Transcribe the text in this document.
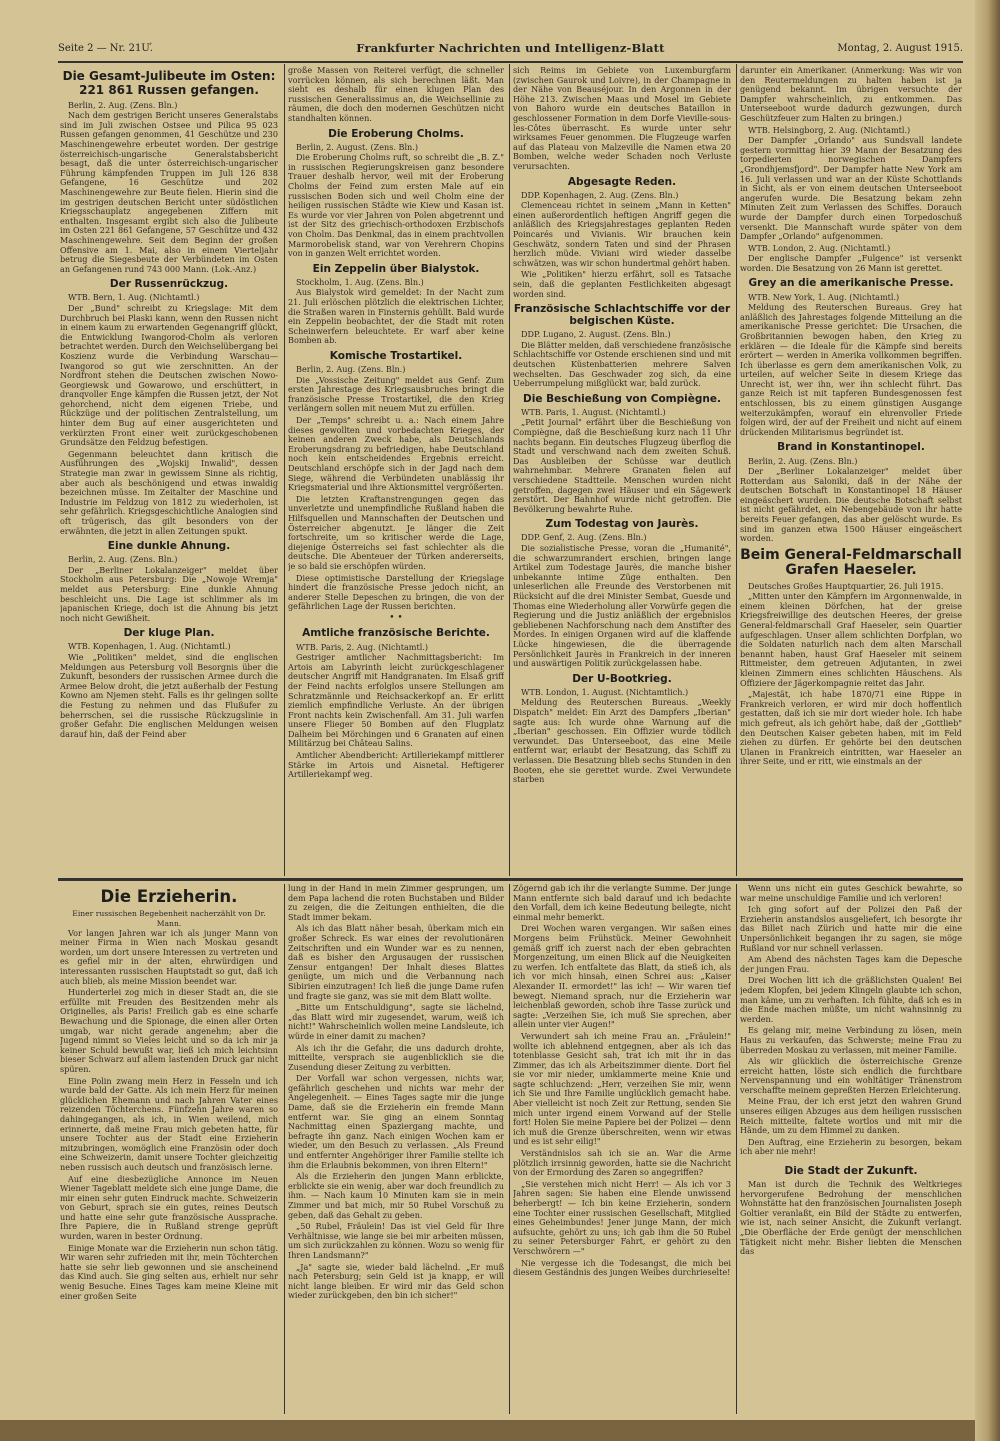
Seite 2 — Nr. 21Ư.	Frankfurter Nachrichten und Intelligenz-Blatt	Montag, 2. August 1915.
Die Gesamt-Julibeute im Osten: 221 861 Russen gefangen.
Berlin, 2. Aug. (Zens. Bln.)

Nach dem gestrigen Bericht unseres Generalstabs sind im Juli zwischen Ostsee und Pilica 95 023 Russen gefangen genommen, 41 Geschütze und 230 Maschinengewehre erbeutet worden. Der gestrige österreichisch-ungarische Generalstabsbericht besagt, daß die unter österreichisch-ungarischer Führung kämpfenden Truppen im Juli 126 838 Gefangene, 16 Geschütze und 202 Maschinengewehre zur Beute fielen. Hierin sind die im gestrigen deutschen Bericht unter südöstlichen Kriegsschauplatz angegebenen Ziffern mit enthalten. Insgesamt ergibt sich also die Julibeute im Osten 221 861 Gefangene, 57 Geschütze und 432 Maschinengewehre. Seit dem Beginn der großen Offensive am 1. Mai, also in einem Vierteljahr betrug die Siegesbeute der Verbündeten im Osten an Gefangenen rund 743 000 Mann. (Lok.-Anz.)

Der Russenrückzug.
WTB. Bern, 1. Aug. (Nichtamtl.)

Der „Bund" schreibt zu Kriegslage: Mit dem Durchbruch bei Plaski kann, wenn den Russen nicht in einem kaum zu erwartenden Gegenangriff glückt, die Entwicklung Iwangorod-Cholm als verloren betrachtet werden. Durch den Weichselübergang bei Koszienz wurde die Verbindung Warschau—Iwangorod so gut wie zerschnitten. An der Nordfront stehen die Deutschen zwischen Nowo-Georgiewsk und Gowarowo, und erschüttert, in dranqvoller Enge kämpfen die Russen jetzt, der Not gehorchend, nicht dem eigenen Triebe, und Rückzüge und der politischen Zentralstellung, um hinter dem Bug auf einer ausgerichteten und verkürzten Front einer weit zurückgeschobenen Grundsätze den Feldzug befestigen.

Gegenmann beleuchtet dann kritisch die Ausführungen des „Wojskij Inwalid", dessen Strategie man zwar in gewissem Sinne als richtig, aber auch als beschönigend und etwas inwaldig bezeichnen müsse. Im Zeitalter der Maschine und Industrie im Feldzug von 1812 zu wiederholen, ist sehr gefährlich. Kriegsgeschichtliche Analogien sind oft trügerisch, das gilt besonders von der erwähnten, die jetzt in allen Zeitungen spukt.

Eine dunkle Ahnung.
Berlin, 2. Aug. (Zens. Bln.)

Der „Berliner Lokalanzeiger" meldet über Stockholm aus Petersburg: Die „Nowoje Wremja" meldet aus Petersburg: Eine dunkle Ahnung beschleicht uns. Die Lage ist schlimmer als im japanischen Kriege, doch ist die Ahnung bis jetzt noch nicht Gewißheit.

Der kluge Plan.
WTB. Kopenhagen, 1. Aug. (Nichtamtl.)

Wie „Politiken" meldet, sind die englischen Meldungen aus Petersburg voll Besorgnis über die Zukunft, besonders der russischen Armee durch die Armee Below droht, die jetzt außerhalb der Festung Kowno am Njemen steht. Falls es ihr gelingen sollte die Festung zu nehmen und das Flußufer zu beherrschen, sei die russische Rückzugslinie in großer Gefahr. Die englischen Meldungen weisen darauf hin, daß der Feind aber

große Massen von Reiterei verfügt, die schneller vorrücken können, als sich berechnen läßt. Man sieht es deshalb für einen klugen Plan des russischen Generalissimus an, die Weichsellinie zu räumen, die doch den modernen Geschützen nicht standhalten können.

Die Eroberung Cholms.
Berlin, 2. August. (Zens. Bln.)

Die Eroberung Cholms ruft, so schreibt die „B. Z." in russischen Regierungskreisen ganz besondere Trauer deshalb hervor, weil mit der Eroberung Cholms der Feind zum ersten Male auf ein russischen Boden sich und weil Cholm eine der heiligen russischen Städte wie Kiew und Kasan ist. Es wurde vor vier Jahren von Polen abgetrennt und ist der Sitz des griechisch-orthodoxen Erzbischofs von Cholm. Das Denkmal, das in einem prachtvollen Marmorobelisk stand, war von Verehrern Chopins von in ganzen Welt errichtet worden.

Ein Zeppelin über Bialystok.
Stockholm, 1. Aug. (Zens. Bln.)

Aus Bialystok wird gemeldet: In der Nacht zum 21. Juli erlöschen plötzlich die elektrischen Lichter, die Straßen waren in Finsternis gehüllt. Bald wurde ein Zeppelin beobachtet, der die Stadt mit roten Scheinwerfern beleuchtete. Er warf aber keine Bomben ab.

Komische Trostartikel.
Berlin, 2. Aug. (Zens. Bln.)

Die „Vossische Zeitung" meldet aus Genf: Zum ersten Jahrestage des Kriegsausbruches bringt die französische Presse Trostartikel, die den Krieg verlängern sollen mit neuem Mut zu erfüllen.

Der „Temps" schreibt u. a.: Nach einem Jahre dieses gewollten und vorbedachten Krieges, der keinen anderen Zweck habe, als Deutschlands Eroberungsdrang zu befriedigen, habe Deutschland noch kein entscheidendes Ergebnis erreicht. Deutschland erschöpfe sich in der Jagd nach dem Siege, während die Verbündeten unablässig ihr Kriegsmaterial und ihre Aktionsmittel vergrößerten.

Die letzten Kraftanstrengungen gegen das unverletzte und unempfindliche Rußland haben die Hilfsquellen und Mannschaften der Deutschen und Österreicher abgenutzt. Je länger die Zeit fortschreite, um so kritischer werde die Lage, diejenige Österreichs sei fast schlechter als die deutsche. Die Abenteuer der Türken andererseits, je so bald sie erschöpfen würden.

Diese optimistische Darstellung der Kriegslage hindert die französische Presse jedoch nicht, an anderer Stelle Depeschen zu bringen, die von der gefährlichen Lage der Russen berichten.

• •
Amtliche französische Berichte.
WTB. Paris, 2. Aug. (Nichtamtl.)

Gestriger amtlicher Nachmittagsbericht: Im Artois am Labyrinth leicht zurückgeschlagener deutscher Angriff mit Handgranaten. Im Elsaß griff der Feind nachts erfolglos unsere Stellungen am Schratzmännle und Reichsackerkopf an. Er erlitt ziemlich empfindliche Verluste. An der übrigen Front nachts kein Zwischenfall. Am 31. Juli warfen unsere Flieger 50 Bomben auf den Flugplatz Dalheim bei Mörchingen und 6 Granaten auf einen Militärzug bei Château Salins.

Amtlicher Abendbericht: Artilleriekampf mittlerer Stärke im Artois und Aisnetal. Heftigerer Artilleriekampf weg.

sich Reims im Gebiete von Luxemburgfarm (zwischen Gaurok und Loivre), in der Champagne in der Nähe von Beauséjour. In den Argonnen in der Höhe 213. Zwischen Maas und Mosel im Gebiete von Bahoro wurde ein deutsches Bataillon in geschlossener Formation in dem Dorfe Vieville-sous-les-Côtes überrascht. Es wurde unter sehr wirksames Feuer genommen. Die Flugzeuge warfen auf das Plateau von Malzeville die Namen etwa 20 Bomben, welche weder Schaden noch Verluste verursachten.

Abgesagte Reden.
DDP. Kopenhagen, 2. Aug. (Zens. Bln.)

Clemenceau richtet in seinem „Mann in Ketten" einen außerordentlich heftigen Angriff gegen die anläßlich des Kriegsjahrestages geplanten Reden Poincarés und Vivianis. Wir brauchen kein Geschwätz, sondern Taten und sind der Phrasen herzlich müde. Viviani wird wieder dasselbe schwätzen, was wir schon hundertmal gehört haben.

Wie „Politiken" hierzu erfährt, soll es Tatsache sein, daß die geplanten Festlichkeiten abgesagt worden sind.

Französische Schlachtschiffe vor der belgischen Küste.
DDP. Lugano, 2. August. (Zens. Bln.)

Die Blätter melden, daß verschiedene französische Schlachtschiffe vor Ostende erschienen sind und mit deutschen Küstenbatterien mehrere Salven wechselten. Das Geschwader zog sich, da eine Ueberrumpelung mißglückt war, bald zurück.

Die Beschießung von Compiègne.
WTB. Paris, 1. August. (Nichtamtl.)

„Petit Journal" erfährt über die Beschießung von Compiègne, daß die Beschießung kurz nach 11 Uhr nachts begann. Ein deutsches Flugzeug überflog die Stadt und verschwand nach dem zweiten Schuß. Das Ausbleiben der Schüsse war deutlich wahrnehmbar. Mehrere Granaten fielen auf verschiedene Stadtteile. Menschen wurden nicht getroffen, dagegen zwei Häuser und ein Sägewerk zerstört. Der Bahnhof wurde nicht getroffen. Die Bevölkerung bewahrte Ruhe.

Zum Todestag von Jaurès.
DDP. Genf, 2. Aug. (Zens. Bln.)

Die sozialistische Presse, voran die „Humanité", die schwarzumrandert erschien, bringen lange Artikel zum Todestage Jaurès, die manche bisher unbekannte intime Züge enthalten. Den unleserlichen alle Freunde des Verstorbenen mit Rücksicht auf die drei Minister Sembat, Guesde und Thomas eine Wiederholung aller Vorwürfe gegen die Regierung und die Justiz anläßlich der ergebnislos gebliebenen Nachforschung nach dem Anstifter des Mordes. In einigen Organen wird auf die klaffende Lücke hingewiesen, die die überragende Persönlichkeit Jaurès in Frankreich in der inneren und auswärtigen Politik zurückgelassen habe.

Der U-Bootkrieg.
WTB. London, 1. August. (Nichtamtlich.)

Meldung des Reuterschen Bureaus. „Weekly Dispatch" meldet: Ein Arzt des Dampfers „Iberian" sagte aus: Ich wurde ohne Warnung auf die „Iberian" geschossen. Ein Offizier wurde tödlich verwundet. Das Unterseeboot, das eine Meile entfernt war, erlaubt der Besatzung, das Schiff zu verlassen. Die Besatzung blieb sechs Stunden in den Booten, ehe sie gerettet wurde. Zwei Verwundete starben

darunter ein Amerikaner. (Anmerkung: Was wir von den Reutermeldungen zu halten haben ist ja genügend bekannt. Im übrigen versuchte der Dampfer wahrscheinlich, zu entkommen. Das Unterseeboot wurde dadurch gezwungen, durch Geschützfeuer zum Halten zu bringen.)

WTB. Helsingborg, 2. Aug. (Nichtamtl.)

Der Dampfer „Orlando" aus Sundsvall landete gestern vormittag hier 39 Mann der Besatzung des torpedierten norwegischen Dampfers „Grondhjemsfjord". Der Dampfer hatte New York am 16. Juli verlassen und war an der Küste Schottlands in Sicht, als er von einem deutschen Unterseeboot angerufen wurde. Die Besatzung bekam zehn Minuten Zeit zum Verlassen des Schiffes. Dorauch wurde der Dampfer durch einen Torpedoschuß versenkt. Die Mannschaft wurde später von dem Dampfer „Orlando" aufgenommen.

WTB. London, 2. Aug. (Nichtamtl.)

Der englische Dampfer „Fulgence" ist versenkt worden. Die Besatzung von 26 Mann ist gerettet.

Grey an die amerikanische Presse.
WTB. New York, 1. Aug. (Nichtamtl.)

Meldung des Reuterschen Bureaus. Grey hat anläßlich des Jahrestages folgende Mitteilung an die amerikanische Presse gerichtet: Die Ursachen, die Großbritannien bewogen haben, den Krieg zu erklären — die Ideale für die Kämpfe sind bereits erörtert — werden in Amerika vollkommen begriffen. Ich überlasse es gern dem amerikanischen Volk, zu urteilen, auf welcher Seite in diesem Kriege das Unrecht ist, wer ihn, wer ihn schlecht führt. Das ganze Reich ist mit tapferen Bundesgenossen fest entschlossen, bis zu einem günstigen Ausgange weiterzukämpfen, worauf ein ehrenvoller Friede folgen wird, der auf der Freiheit und nicht auf einem drückenden Militarismus begründet ist.

Brand in Konstantinopel.
Berlin, 2. Aug. (Zens. Bln.)

Der „Berliner Lokalanzeiger" meldet über Rotterdam aus Saloniki, daß in der Nähe der deutschen Botschaft in Konstantinopel 18 Häuser eingeäschert wurden. Die deutsche Botschaft selbst ist nicht gefährdet, ein Nebengebäude von ihr hatte bereits Feuer gefangen, das aber gelöscht wurde. Es sind im ganzen etwa 1500 Häuser eingeäschert worden.

Beim General-Feldmarschall Grafen Haeseler.
Deutsches Großes Hauptquartier, 26. Juli 1915.

„Mitten unter den Kämpfern im Argonnenwalde, in einem kleinen Dörfchen, hat der greise Kriegsfreiwillige des deutschen Heeres, der greise General-feldmarschall Graf Haeseler, sein Quartier aufgeschlagen. Unser allem schlichten Dorfplan, wo die Soldaten naturlich nach dem alten Marschall benannt haben, haust Graf Haeseler mit seinem Rittmeister, dem getreuen Adjutanten, in zwei kleinen Zimmern eines schlichten Häuschens. Als Offiziere der Jägerkompagnie reitet das Jahr.

„Majestät, ich habe 1870/71 eine Rippe in Frankreich verloren, er wird mir doch hoffentlich gestatten, daß ich sie mir dort wieder hole. Ich habe mich gefreut, als ich gehört habe, daß der „Gottlieb" den Deutschen Kaiser gebeten haben, mit im Feld ziehen zu dürfen. Er gehörte bei den deutschen Ulanen in Frankreich eintritten, war Haeseler an ihrer Seite, und er ritt, wie einstmals an der

Die Erzieherin.
Einer russischen Begebenheit nacherzählt von Dr. Mann.

Vor langen Jahren war ich als junger Mann von meiner Firma in Wien nach Moskau gesandt worden, um dort unsere Interessen zu vertreten und es gefiel mir in der alten, ehrwürdigen und interessanten russischen Hauptstadt so gut, daß ich auch blieb, als meine Mission beendet war.

Hunderterlei zog mich in dieser Stadt an, die sie erfüllte mit Freuden des Besitzenden mehr als Originelles, als Paris! Freilich gab es eine scharfe Bewachung und die Spionage, die einen aller Orten umgab, war nicht gerade angenehm; aber die Jugend nimmt so Vieles leicht und so da ich mir ja keiner Schuld bewußt war, ließ ich mich leichtsinn bieser Schwarz auf allem lastenden Druck gar nicht spüren.

Eine Polin zwang mein Herz in Fesseln und ich wurde bald der Gatte. Als ich mein Herz für meinen glücklichen Ehemann und nach Jahren Vater eines reizenden Töchterchens. Fünfzehn Jahre waren so dahingegangen, als ich, in Wien weilend, mich erinnerte, daß meine Frau mich gebeten hatte, für unsere Tochter aus der Stadt eine Erzieherin mitzubringen, womöglich eine Französin oder doch eine Schweizerin, damit unsere Tochter gleichzeitig neben russisch auch deutsch und französisch lerne.

Auf eine diesbezügliche Annonce im Neuen Wiener Tageblatt meldete sich eine junge Dame, die mir einen sehr guten Eindruck machte. Schweizerin von Geburt, sprach sie ein gutes, reines Deutsch und hatte eine sehr gute französische Aussprache. Ihre Papiere, die in Rußland strenge geprüft wurden, waren in bester Ordnung.

Einige Monate war die Erzieherin nun schon tätig. Wir waren sehr zufrieden mit ihr, mein Töchterchen hatte sie sehr lieb gewonnen und sie anscheinend das Kind auch. Sie ging selten aus, erhielt nur sehr wenig Besuche. Eines Tages kam meine Kleine mit einer großen Seite

lung in der Hand in mein Zimmer gesprungen, um dem Papa lachend die roten Buchstaben und Bilder zu zeigen, die die Zeitungen enthielten, die die Stadt immer bekam.

Als ich das Blatt näher besah, überkam mich ein großer Schreck. Es war eines der revolutionären Zeitschriften und ein Wunder war es zu nennen, daß es bisher den Argusaugen der russischen Zensur entgangen! Der Inhalt dieses Blattes genügte, um mich und die Verbannung nach Sibirien einzutragen! Ich ließ die junge Dame rufen und fragte sie ganz, was sie mit dem Blatt wollte.

„Bitte um Entschuldigung", sagte sie lächelnd, „das Blatt wird mir zugesendet, warum, weiß ich nicht!" Wahrscheinlich wollen meine Landsleute, ich würde in einer damit zu machen?

Als ich ihr die Gefahr, die uns dadurch drohte, mitteilte, versprach sie augenblicklich sie die Zusendung dieser Zeitung zu verbitten.

Der Vorfall war schon vergessen, nichts war, gefährlich geschehen und nichts war mehr der Angelegenheit. — Eines Tages sagte mir die junge Dame, daß sie die Erzieherin ein fremde Mann entfernt war. Sie ging an einem Sonntag Nachmittag einen Spaziergang machte, und befragte ihn ganz. Nach einigen Wochen kam er wieder, um den Besuch zu verlassen. „Als Freund und entfernter Angehöriger ihrer Familie stellte ich ihm die Erlaubnis bekommen, von ihren Eltern!"

Als die Erzieherin den jungen Mann erblickte, erblickte sie ein wenig, aber war doch freundlich zu ihm. — Nach kaum 10 Minuten kam sie in mein Zimmer und bat mich, mir 50 Rubel Vorschuß zu geben, daß das Gehalt zu geben.

„50 Rubel, Fräulein! Das ist viel Geld für Ihre Verhältnisse, wie lange sie bei mir arbeiten müssen, um sich zurückzahlen zu können. Wozu so wenig für Ihren Landsmann?"

„Ja" sagte sie, wieder bald lächelnd. „Er muß nach Petersburg; sein Geld ist ja knapp, er will nicht lange bleiben. Er wird mir das Geld schon wieder zurückgeben, den bin ich sicher!"

Zögernd gab ich ihr die verlangte Summe. Der junge Mann entfernte sich bald darauf und ich bedachte den Vorfall, dem ich keine Bedeutung beilegte, nicht einmal mehr bemerkt.

Drei Wochen waren vergangen. Wir saßen eines Morgens beim Frühstück. Meiner Gewohnheit gemäß griff ich zuerst nach der eben gebrachten Morgenzeitung, um einen Blick auf die Neuigkeiten zu werfen. Ich entfaltete das Blatt, da stieß ich, als ich vor mich hinsah, einen Schrei aus: „Kaiser Alexander II. ermordet!" las ich! — Wir waren tief bewegt. Niemand sprach, nur die Erzieherin war leichenblaß geworden, schob ihre Tasse zurück und sagte: „Verzeihen Sie, ich muß Sie sprechen, aber allein unter vier Augen!"

Verwundert sah ich meine Frau an. „Fräulein!" wollte ich ablehnend entgegnen, aber als ich das totenblasse Gesicht sah, trat ich mit ihr in das Zimmer, das ich als Arbeitszimmer diente. Dort fiel sie vor mir nieder, umklammerte meine Knie und sagte schluchzend: „Herr, verzeihen Sie mir, wenn ich Sie und Ihre Familie unglücklich gemacht habe. Aber vielleicht ist noch Zeit zur Rettung, senden Sie mich unter irgend einem Vorwand auf der Stelle fort! Holen Sie meine Papiere bei der Polizei — denn ich muß die Grenze überschreiten, wenn wir etwas und es ist sehr eilig!"

Verständnislos sah ich sie an. War die Arme plötzlich irrsinnig geworden, hatte sie die Nachricht von der Ermordung des Zaren so angegriffen?

„Sie verstehen mich nicht Herr! — Als ich vor 3 Jahren sagen: Sie haben eine Elende unwissend beherbergt! — Ich bin keine Erzieherin, sondern eine Tochter einer russischen Gesellschaft, Mitglied eines Geheimbundes! Jener junge Mann, der mich aufsuchte, gehört zu uns; ich gab ihm die 50 Rubel zu seiner Petersburger Fahrt, er gehört zu den Verschwörern —"

Nie vergesse ich die Todesangst, die mich bei diesem Geständnis des jungen Weibes durchrieselte!

Wenn uns nicht ein gutes Geschick bewahrte, so war meine unschuldige Familie und ich verloren!

Ich ging sofort auf der Polizei den Paß der Erzieherin anstandslos ausgeliefert, ich besorgte ihr das Billet nach Zürich und hatte mir die eine Unpersönlichkeit begangen ihr zu sagen, sie möge Rußland vor nur schnell verlassen.

Am Abend des nächsten Tages kam die Depesche der jungen Frau.

Drei Wochen litt ich die gräßlichsten Qualen! Bei jedem Klopfen, bei jedem Klingeln glaubte ich schon, man käme, um zu verhaften. Ich fühlte, daß ich es in die Ende machen müßte, um nicht wahnsinnig zu werden.

Es gelang mir, meine Verbindung zu lösen, mein Haus zu verkaufen, das Schwerste; meine Frau zu überreden Moskau zu verlassen, mit meiner Familie.

Als wir glücklich die österreichische Grenze erreicht hatten, löste sich endlich die furchtbare Nervenspannung und ein wohltätiger Tränenstrom verschaffte meinem gepreßten Herzen Erleichterung.

Meine Frau, der ich erst jetzt den wahren Grund unseres eiligen Abzuges aus dem heiligen russischen Reich mitteilte, faltete wortlos und mit mir die Hände, um zu dem Himmel zu danken.

Den Auftrag, eine Erzieherin zu besorgen, bekam ich aber nie mehr!

Die Stadt der Zukunft.

Man ist durch die Technik des Weltkrieges hervorgerufene Bedrohung der menschlichen Wohnstätte hat den französischen Journalisten Joseph Goltier veranlaßt, ein Bild der Städte zu entwerfen, wie ist, nach seiner Ansicht, die Zukunft verlangt. „Die Oberfläche der Erde genügt der menschlichen Tätigkeit nicht mehr. Bisher liebten die Menschen das
